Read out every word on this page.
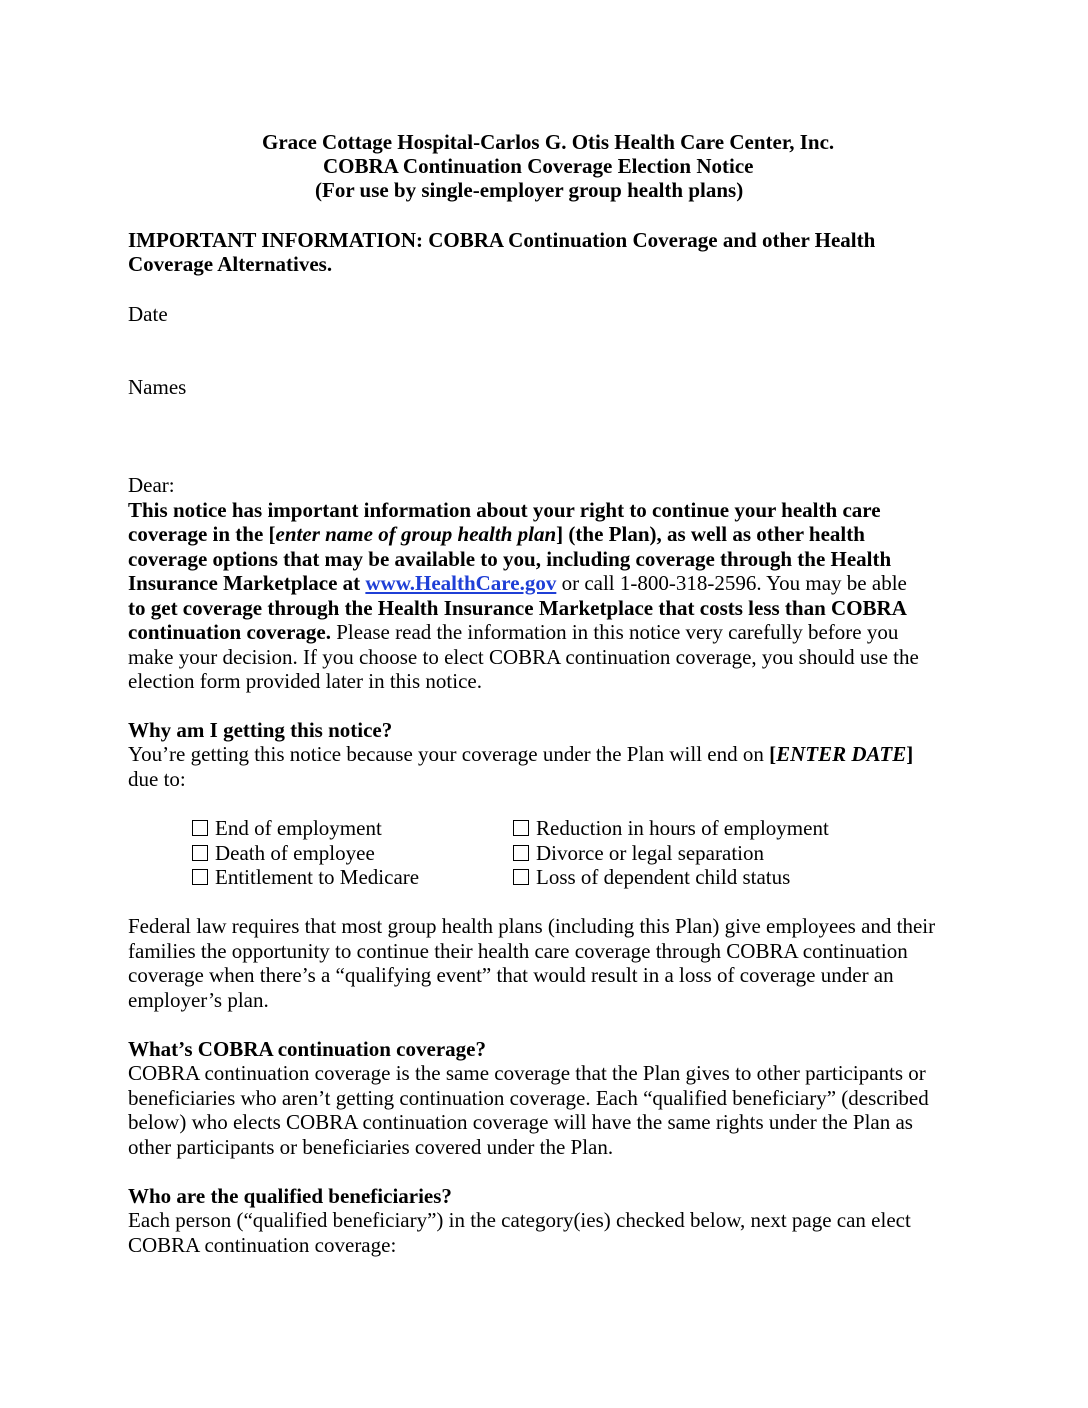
Grace Cottage Hospital-Carlos G. Otis Health Care Center, Inc.
COBRA Continuation Coverage Election Notice
(For use by single-employer group health plans)
IMPORTANT INFORMATION: COBRA Continuation Coverage and other Health
Coverage Alternatives.
Date
Names
Dear:
This notice has important information about your right to continue your health care
coverage in the [enter name of group health plan] (the Plan), as well as other health
coverage options that may be available to you, including coverage through the Health
Insurance Marketplace at www.HealthCare.gov or call 1-800-318-2596. You may be able
to get coverage through the Health Insurance Marketplace that costs less than COBRA
continuation coverage. Please read the information in this notice very carefully before you
make your decision. If you choose to elect COBRA continuation coverage, you should use the
election form provided later in this notice.
Why am I getting this notice?
You’re getting this notice because your coverage under the Plan will end on [ENTER DATE]
due to:
End of employment
Death of employee
Entitlement to Medicare
Reduction in hours of employment
Divorce or legal separation
Loss of dependent child status
Federal law requires that most group health plans (including this Plan) give employees and their
families the opportunity to continue their health care coverage through COBRA continuation
coverage when there’s a “qualifying event” that would result in a loss of coverage under an
employer’s plan.
What’s COBRA continuation coverage?
COBRA continuation coverage is the same coverage that the Plan gives to other participants or
beneficiaries who aren’t getting continuation coverage. Each “qualified beneficiary” (described
below) who elects COBRA continuation coverage will have the same rights under the Plan as
other participants or beneficiaries covered under the Plan.
Who are the qualified beneficiaries?
Each person (“qualified beneficiary”) in the category(ies) checked below, next page can elect
COBRA continuation coverage:
